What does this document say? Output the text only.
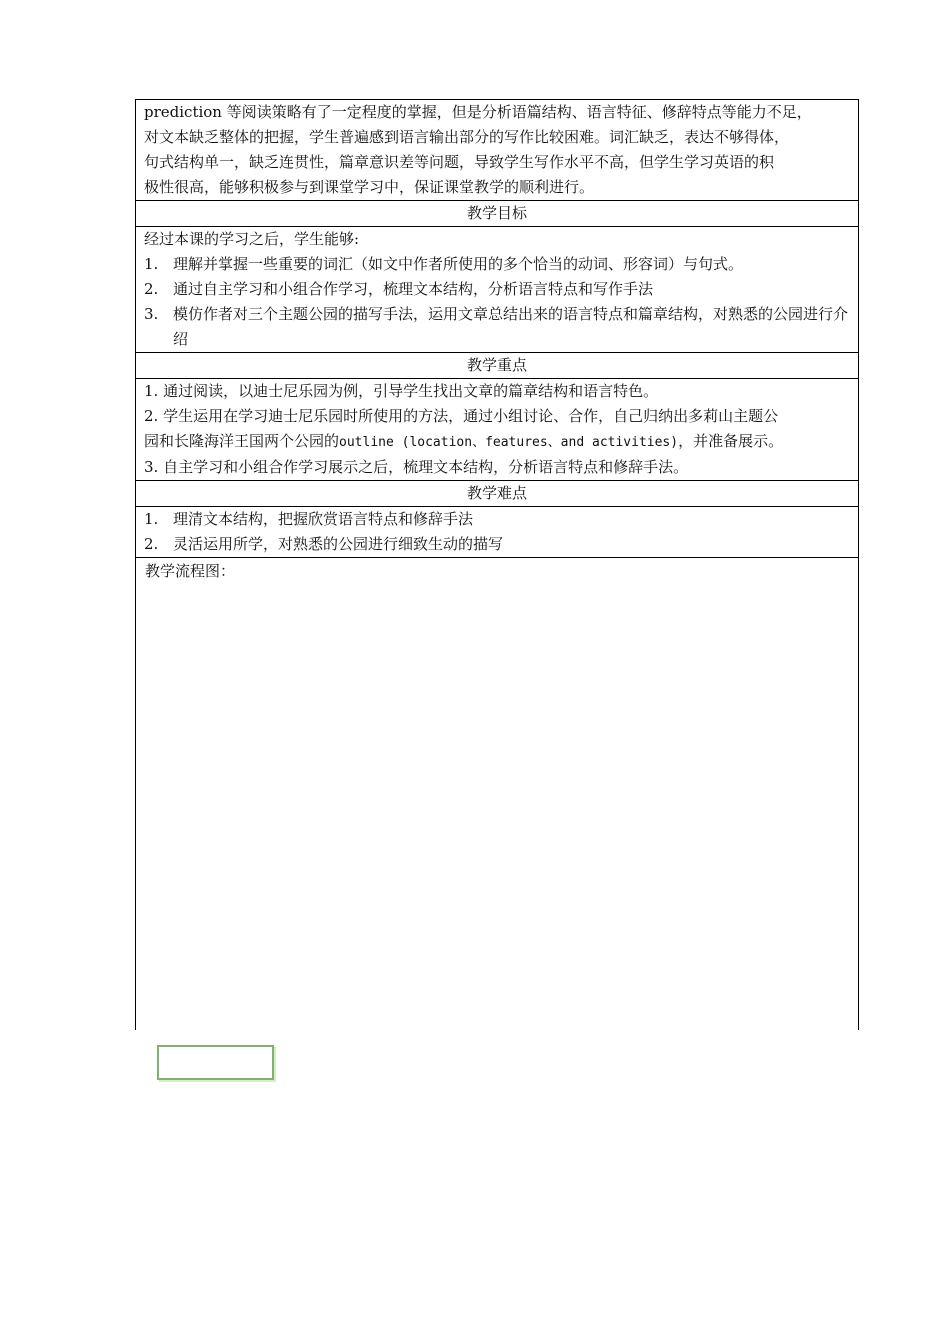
prediction 等阅读策略有了一定程度的掌握，但是分析语篇结构、语言特征、修辞特点等能力不足，
对文本缺乏整体的把握，学生普遍感到语言输出部分的写作比较困难。词汇缺乏，表达不够得体，
句式结构单一，缺乏连贯性，篇章意识差等问题，导致学生写作水平不高，但学生学习英语的积
极性很高，能够积极参与到课堂学习中，保证课堂教学的顺利进行。
教学目标
经过本课的学习之后，学生能够:
1. 理解并掌握一些重要的词汇（如文中作者所使用的多个恰当的动词、形容词）与句式。
2. 通过自主学习和小组合作学习，梳理文本结构，分析语言特点和写作手法
3. 模仿作者对三个主题公园的描写手法，运用文章总结出来的语言特点和篇章结构，对熟悉的公园进行介绍
教学重点
1. 通过阅读，以迪士尼乐园为例，引导学生找出文章的篇章结构和语言特色。
2. 学生运用在学习迪士尼乐园时所使用的方法，通过小组讨论、合作，自己归纳出多莉山主题公
园和长隆海洋王国两个公园的outline (location、features、and activities)，并准备展示。
3. 自主学习和小组合作学习展示之后，梳理文本结构，分析语言特点和修辞手法。
教学难点
1. 理清文本结构，把握欣赏语言特点和修辞手法
2. 灵活运用所学，对熟悉的公园进行细致生动的描写
教学流程图：
